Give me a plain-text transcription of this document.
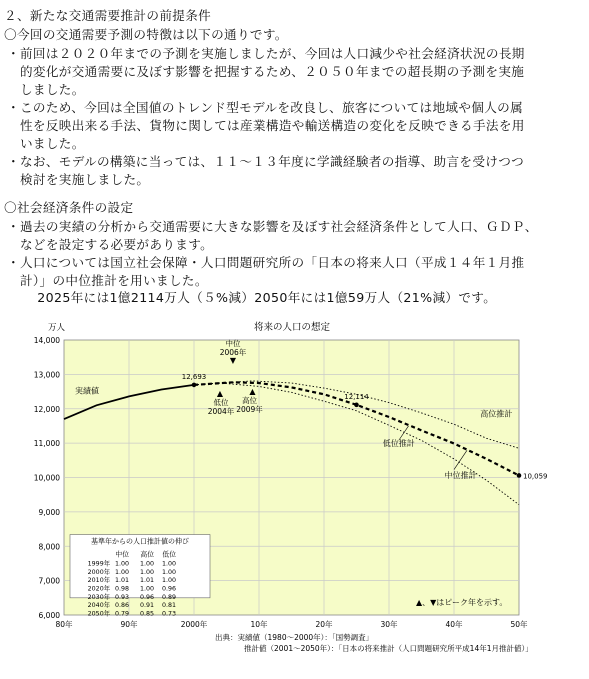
２、新たな交通需要推計の前提条件
〇今回の交通需要予測の特徴は以下の通りです。
・前回は２０２０年までの予測を実施しましたが、今回は人口減少や社会経済状況の長期
　的変化が交通需要に及ぼす影響を把握するため、２０５０年までの超長期の予測を実施
　しました。
・このため、今回は全国値のトレンド型モデルを改良し、旅客については地域や個人の属
　性を反映出来る手法、貨物に関しては産業構造や輸送構造の変化を反映できる手法を用
　いました。
・なお、モデルの構築に当っては、１１～１３年度に学識経験者の指導、助言を受けつつ
　検討を実施しました。
〇社会経済条件の設定
・過去の実績の分析から交通需要に大きな影響を及ぼす社会経済条件として人口、ＧＤＰ、
　などを設定する必要があります。
・人口については国立社会保障・人口問題研究所の「日本の将来人口（平成１４年１月推
　計）」の中位推計を用いました。
　　 2025年には1億2114万人（５%減）2050年には1億59万人（21%減）です。
将来の人口の想定
万人
12,693
12,114
10,059
中位
2006年
▼
▲
低位
2004年
▲
高位
2009年
実績値
高位推計
低位推計
中位推計
基準年からの人口推計値の伸び
中位 高位 低位
1999年 1.00 1.00 1.00
2000年 1.00 1.00 1.00
2010年 1.01 1.01 1.00
2020年 0.98 1.00 0.96
2030年 0.93 0.96 0.89
2040年 0.86 0.91 0.81
2050年 0.79 0.85 0.73
6,000
7,000
8,000
9,000
10,000
11,000
12,000
13,000
14,000
80年	90年	2000年	10年	20年	30年	40年	50年
▲、▼はピーク年を示す。
出典：実績値（1980～2000年）：「国勢調査」
推計値（2001～2050年）：「日本の将来推計（人口問題研究所平成14年1月推計値）」
